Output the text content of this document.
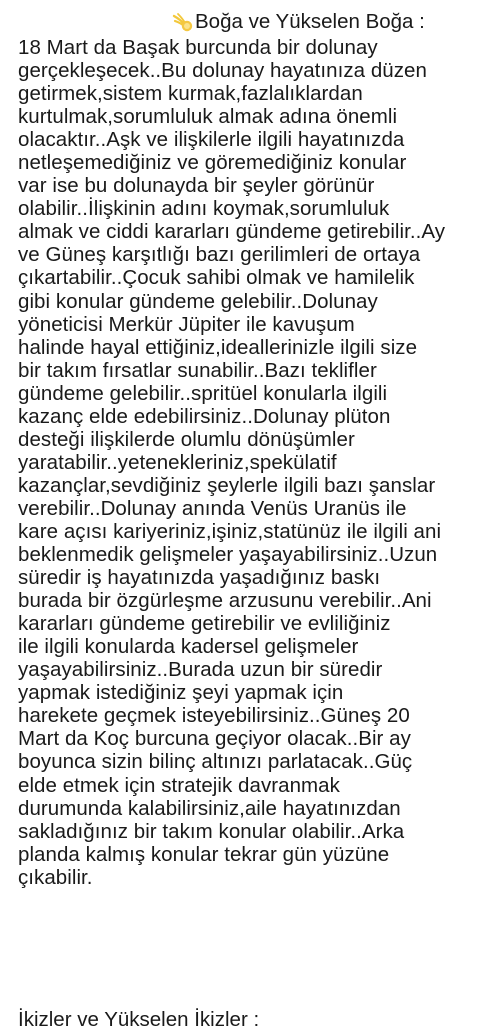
Boğa ve Yükselen Boğa :
18 Mart da Başak burcunda bir dolunay
gerçekleşecek..Bu dolunay hayatınıza düzen
getirmek,sistem kurmak,fazlalıklardan
kurtulmak,sorumluluk almak adına önemli
olacaktır..Aşk ve ilişkilerle ilgili hayatınızda
netleşemediğiniz ve göremediğiniz konular
var ise bu dolunayda bir şeyler görünür
olabilir..İlişkinin adını koymak,sorumluluk
almak ve ciddi kararları gündeme getirebilir..Ay
ve Güneş karşıtlığı bazı gerilimleri de ortaya
çıkartabilir..Çocuk sahibi olmak ve hamilelik
gibi konular gündeme gelebilir..Dolunay
yöneticisi Merkür Jüpiter ile kavuşum
halinde hayal ettiğiniz,ideallerinizle ilgili size
bir takım fırsatlar sunabilir..Bazı teklifler
gündeme gelebilir..spritüel konularla ilgili
kazanç elde edebilirsiniz..Dolunay plüton
desteği ilişkilerde olumlu dönüşümler
yaratabilir..yetenekleriniz,spekülatif
kazançlar,sevdiğiniz şeylerle ilgili bazı şanslar
verebilir..Dolunay anında Venüs Uranüs ile
kare açısı kariyeriniz,işiniz,statünüz ile ilgili ani
beklenmedik gelişmeler yaşayabilirsiniz..Uzun
süredir iş hayatınızda yaşadığınız baskı
burada bir özgürleşme arzusunu verebilir..Ani
kararları gündeme getirebilir ve evliliğiniz
ile ilgili konularda kadersel gelişmeler
yaşayabilirsiniz..Burada uzun bir süredir
yapmak istediğiniz şeyi yapmak için
harekete geçmek isteyebilirsiniz..Güneş 20
Mart da Koç burcuna geçiyor olacak..Bir ay
boyunca sizin bilinç altınızı parlatacak..Güç
elde etmek için stratejik davranmak
durumunda kalabilirsiniz,aile hayatınızdan
sakladığınız bir takım konular olabilir..Arka
planda kalmış konular tekrar gün yüzüne
çıkabilir.
İkizler ve Yükselen İkizler :
